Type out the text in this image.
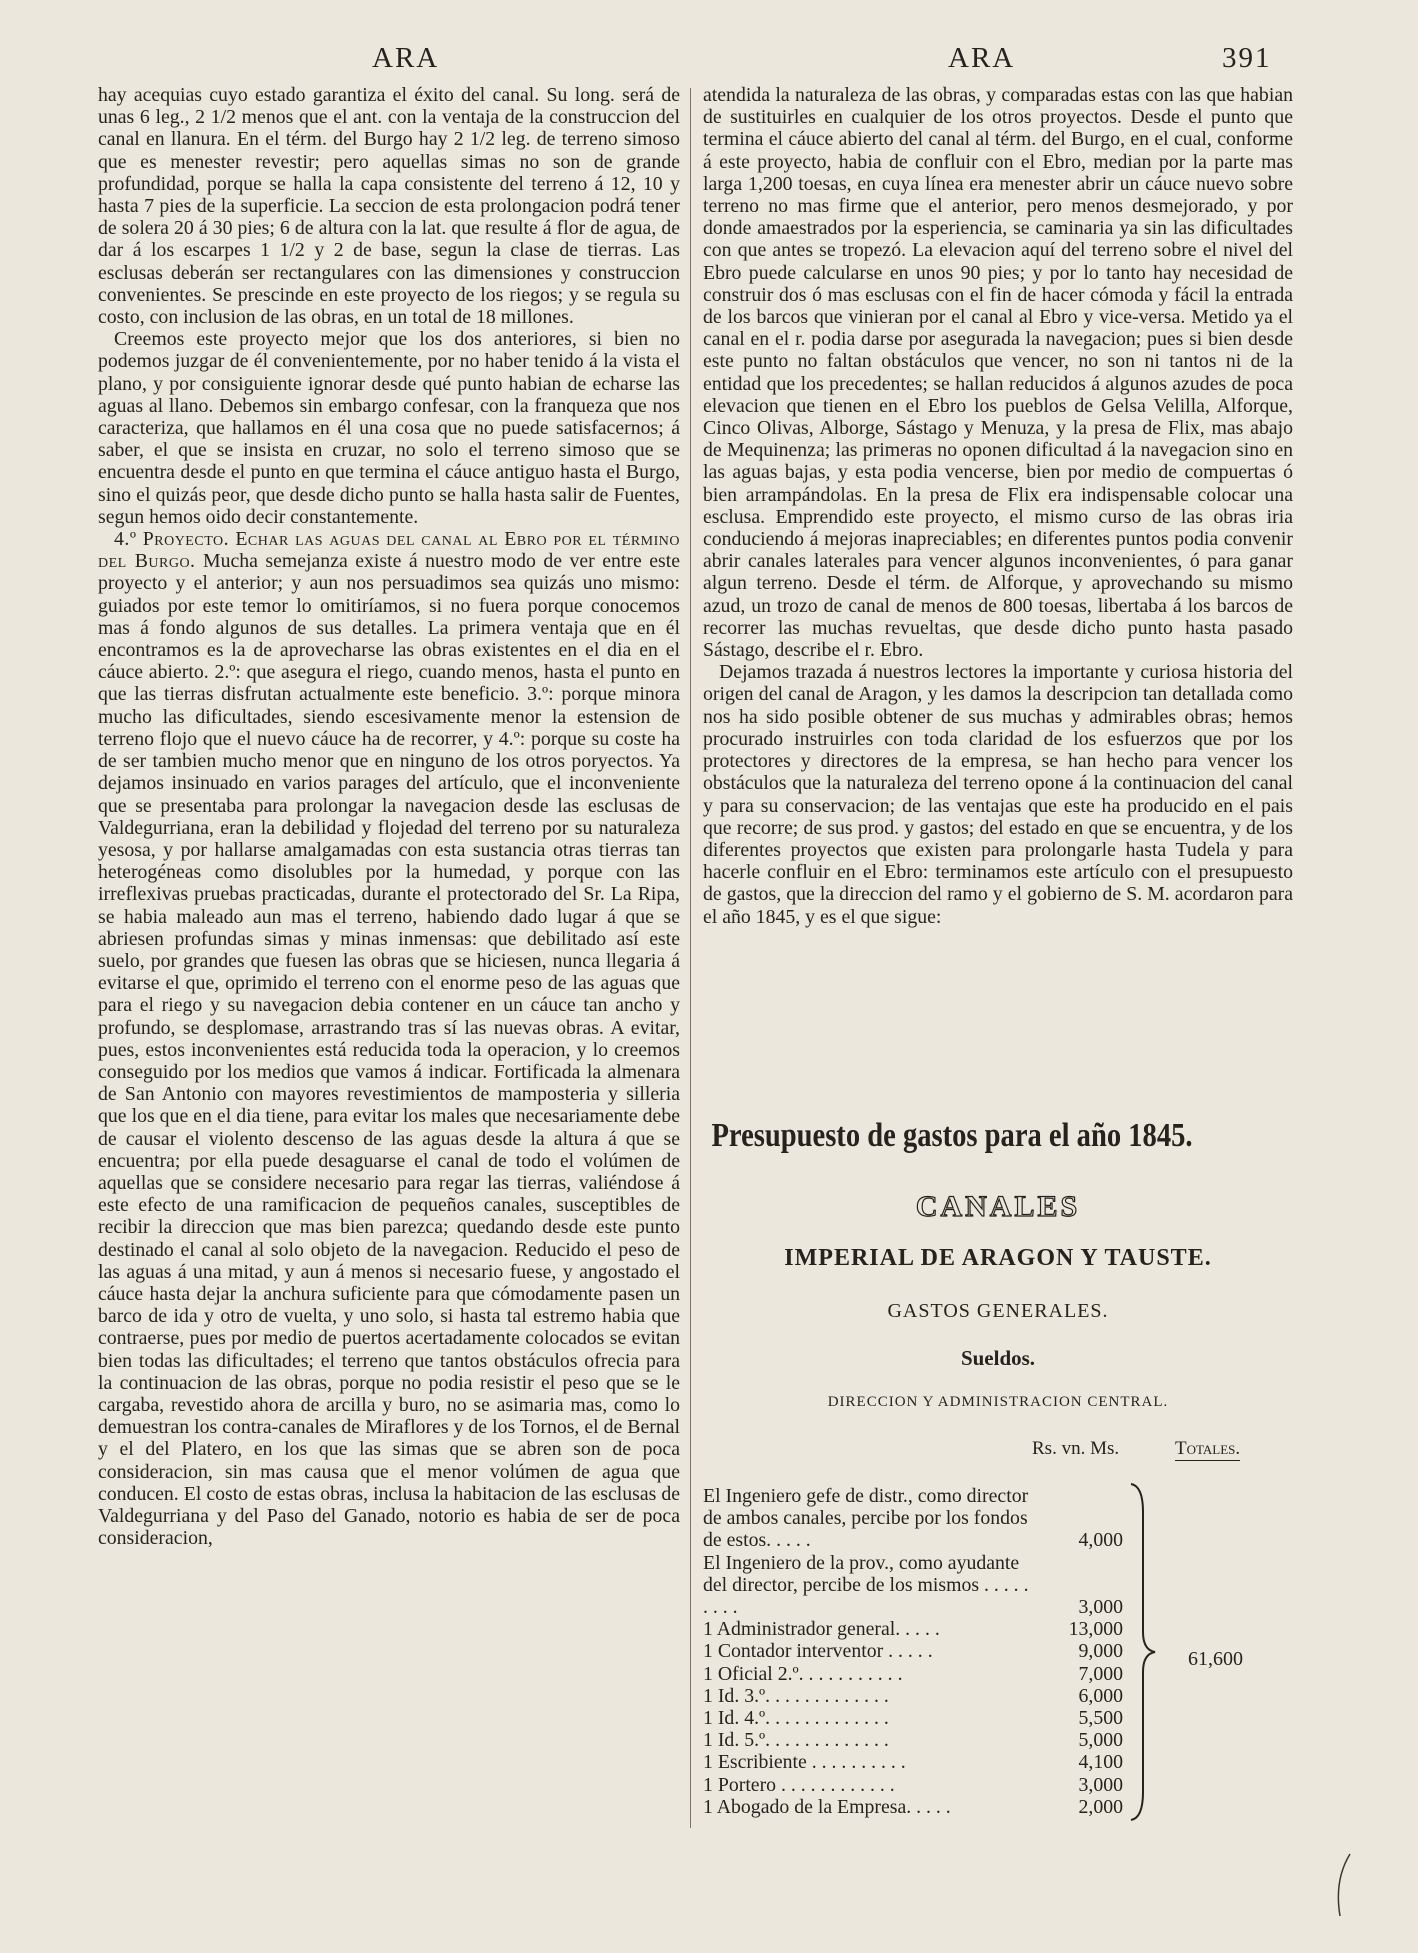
ARA	ARA	391

hay acequias cuyo estado garantiza el éxito del canal. Su long. será de unas 6 leg., 2 1/2 menos que el ant. con la ventaja de la construccion del canal en llanura. En el térm. del Burgo hay 2 1/2 leg. de terreno simoso que es menester revestir; pero aquellas simas no son de grande profundidad, porque se halla la capa consistente del terreno á 12, 10 y hasta 7 pies de la superficie. La seccion de esta prolongacion podrá tener de solera 20 á 30 pies; 6 de altura con la lat. que resulte á flor de agua, de dar á los escarpes 1 1/2 y 2 de base, segun la clase de tierras. Las esclusas deberán ser rectangulares con las dimensiones y construccion convenientes. Se prescinde en este proyecto de los riegos; y se regula su costo, con inclusion de las obras, en un total de 18 millones.

Creemos este proyecto mejor que los dos anteriores, si bien no podemos juzgar de él convenientemente, por no haber tenido á la vista el plano, y por consiguiente ignorar desde qué punto habian de echarse las aguas al llano. Debemos sin embargo confesar, con la franqueza que nos caracteriza, que hallamos en él una cosa que no puede satisfacernos; á saber, el que se insista en cruzar, no solo el terreno simoso que se encuentra desde el punto en que termina el cáuce antiguo hasta el Burgo, sino el quizás peor, que desde dicho punto se halla hasta salir de Fuentes, segun hemos oido decir constantemente.

4.º Proyecto. Echar las aguas del canal al Ebro por el término del Burgo. Mucha semejanza existe á nuestro modo de ver entre este proyecto y el anterior; y aun nos persuadimos sea quizás uno mismo: guiados por este temor lo omitiríamos, si no fuera porque conocemos mas á fondo algunos de sus detalles. La primera ventaja que en él encontramos es la de aprovecharse las obras existentes en el dia en el cáuce abierto. 2.º: que asegura el riego, cuando menos, hasta el punto en que las tierras disfrutan actualmente este beneficio. 3.º: porque minora mucho las dificultades, siendo escesivamente menor la estension de terreno flojo que el nuevo cáuce ha de recorrer, y 4.º: porque su coste ha de ser tambien mucho menor que en ninguno de los otros poryectos. Ya dejamos insinuado en varios parages del artículo, que el inconveniente que se presentaba para prolongar la navegacion desde las esclusas de Valdegurriana, eran la debilidad y flojedad del terreno por su naturaleza yesosa, y por hallarse amalgamadas con esta sustancia otras tierras tan heterogéneas como disolubles por la humedad, y porque con las irreflexivas pruebas practicadas, durante el protectorado del Sr. La Ripa, se habia maleado aun mas el terreno, habiendo dado lugar á que se abriesen profundas simas y minas inmensas: que debilitado así este suelo, por grandes que fuesen las obras que se hiciesen, nunca llegaria á evitarse el que, oprimido el terreno con el enorme peso de las aguas que para el riego y su navegacion debia contener en un cáuce tan ancho y profundo, se desplomase, arrastrando tras sí las nuevas obras. A evitar, pues, estos inconvenientes está reducida toda la operacion, y lo creemos conseguido por los medios que vamos á indicar. Fortificada la almenara de San Antonio con mayores revestimientos de mamposteria y silleria que los que en el dia tiene, para evitar los males que necesariamente debe de causar el violento descenso de las aguas desde la altura á que se encuentra; por ella puede desaguarse el canal de todo el volúmen de aquellas que se considere necesario para regar las tierras, valiéndose á este efecto de una ramificacion de pequeños canales, susceptibles de recibir la direccion que mas bien parezca; quedando desde este punto destinado el canal al solo objeto de la navegacion. Reducido el peso de las aguas á una mitad, y aun á menos si necesario fuese, y angostado el cáuce hasta dejar la anchura suficiente para que cómodamente pasen un barco de ida y otro de vuelta, y uno solo, si hasta tal estremo habia que contraerse, pues por medio de puertos acertadamente colocados se evitan bien todas las dificultades; el terreno que tantos obstáculos ofrecia para la continuacion de las obras, porque no podia resistir el peso que se le cargaba, revestido ahora de arcilla y buro, no se asimaria mas, como lo demuestran los contra-canales de Miraflores y de los Tornos, el de Bernal y el del Platero, en los que las simas que se abren son de poca consideracion, sin mas causa que el menor volúmen de agua que conducen. El costo de estas obras, inclusa la habitacion de las esclusas de Valdegurriana y del Paso del Ganado, notorio es habia de ser de poca consideracion,

atendida la naturaleza de las obras, y comparadas estas con las que habian de sustituirles en cualquier de los otros proyectos. Desde el punto que termina el cáuce abierto del canal al térm. del Burgo, en el cual, conforme á este proyecto, habia de confluir con el Ebro, median por la parte mas larga 1,200 toesas, en cuya línea era menester abrir un cáuce nuevo sobre terreno no mas firme que el anterior, pero menos desmejorado, y por donde amaestrados por la esperiencia, se caminaria ya sin las dificultades con que antes se tropezó. La elevacion aquí del terreno sobre el nivel del Ebro puede calcularse en unos 90 pies; y por lo tanto hay necesidad de construir dos ó mas esclusas con el fin de hacer cómoda y fácil la entrada de los barcos que vinieran por el canal al Ebro y vice-versa. Metido ya el canal en el r. podia darse por asegurada la navegacion; pues si bien desde este punto no faltan obstáculos que vencer, no son ni tantos ni de la entidad que los precedentes; se hallan reducidos á algunos azudes de poca elevacion que tienen en el Ebro los pueblos de Gelsa Velilla, Alforque, Cinco Olivas, Alborge, Sástago y Menuza, y la presa de Flix, mas abajo de Mequinenza; las primeras no oponen dificultad á la navegacion sino en las aguas bajas, y esta podia vencerse, bien por medio de compuertas ó bien arrampándolas. En la presa de Flix era indispensable colocar una esclusa. Emprendido este proyecto, el mismo curso de las obras iria conduciendo á mejoras inapreciables; en diferentes puntos podia convenir abrir canales laterales para vencer algunos inconvenientes, ó para ganar algun terreno. Desde el térm. de Alforque, y aprovechando su mismo azud, un trozo de canal de menos de 800 toesas, libertaba á los barcos de recorrer las muchas revueltas, que desde dicho punto hasta pasado Sástago, describe el r. Ebro.

Dejamos trazada á nuestros lectores la importante y curiosa historia del origen del canal de Aragon, y les damos la descripcion tan detallada como nos ha sido posible obtener de sus muchas y admirables obras; hemos procurado instruirles con toda claridad de los esfuerzos que por los protectores y directores de la empresa, se han hecho para vencer los obstáculos que la naturaleza del terreno opone á la continuacion del canal y para su conservacion; de las ventajas que este ha producido en el pais que recorre; de sus prod. y gastos; del estado en que se encuentra, y de los diferentes proyectos que existen para prolongarle hasta Tudela y para hacerle confluir en el Ebro: terminamos este artículo con el presupuesto de gastos, que la direccion del ramo y el gobierno de S. M. acordaron para el año 1845, y es el que sigue:

Presupuesto de gastos para el año 1845.
CANALES
IMPERIAL DE ARAGON Y TAUSTE.
GASTOS GENERALES.
Sueldos.
DIRECCION Y ADMINISTRACION CENTRAL.
Rs. vn. Ms.	Totales.
El Ingeniero gefe de distr., como director de ambos canales, percibe por los fondos de estos. . . . .	4,000
El Ingeniero de la prov., como ayudante del director, percibe de los mismos . . . . . . . . .	3,000
1 Administrador general. . . . .	13,000
1 Contador interventor . . . . .	9,000
1 Oficial 2.º. . . . . . . . . . .	7,000
1 Id. 3.º. . . . . . . . . . . . .	6,000
1 Id. 4.º. . . . . . . . . . . . .	5,500
1 Id. 5.º. . . . . . . . . . . . .	5,000
1 Escribiente . . . . . . . . . .	4,100
1 Portero . . . . . . . . . . . .	3,000
1 Abogado de la Empresa. . . . .	2,000
61,600
